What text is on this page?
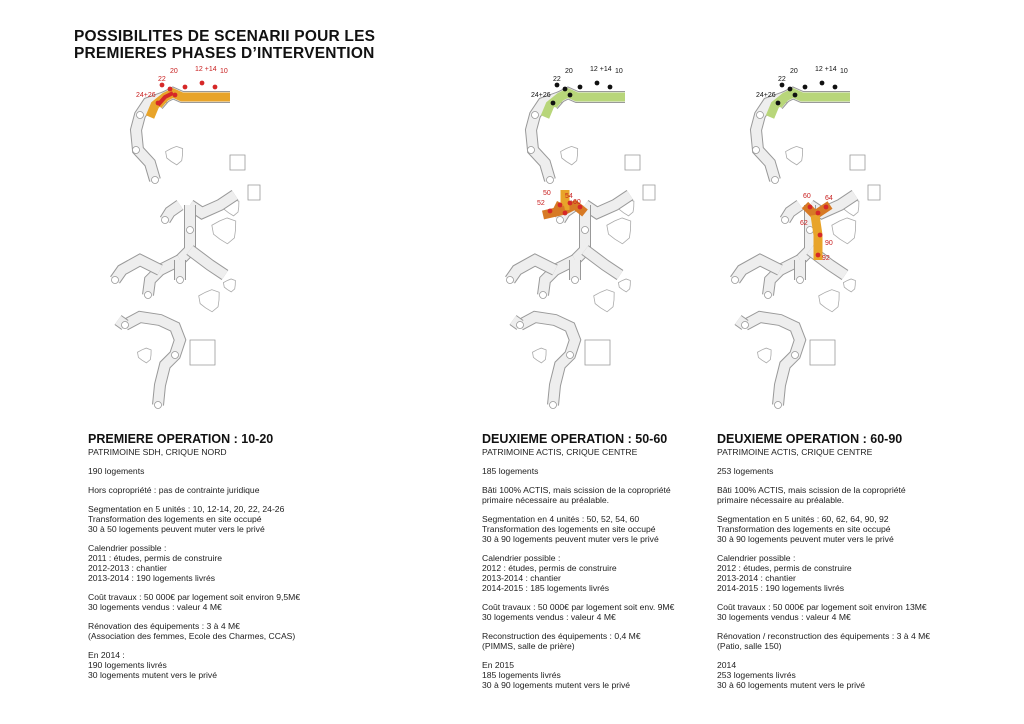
POSSIBILITES DE SCENARII POUR LES
PREMIERES PHASES D’INTERVENTION
24+26
22
20 12 +14 10
24+26
22
20 12 +14 10
50
52
54
60
24+26
22
20 12 +14 10
60 64
62
90
92
PREMIERE OPERATION : 10-20
PATRIMOINE SDH, CRIQUE NORD
190 logements
Hors copropriété : pas de contrainte juridique
Segmentation en 5 unités : 10, 12-14, 20, 22, 24-26
Transformation des logements en site occupé
30 à 50 logements peuvent muter vers le privé
Calendrier possible :
2011 : études, permis de construire
2012-2013 : chantier
2013-2014 : 190 logements livrés
Coût travaux : 50 000€ par logement soit environ 9,5M€
30 logements vendus : valeur 4 M€
Rénovation des équipements : 3 à 4 M€
(Association des femmes, Ecole des Charmes, CCAS)
En 2014 :
190 logements livrés
30 logements mutent vers le privé
DEUXIEME OPERATION : 50-60
PATRIMOINE ACTIS, CRIQUE CENTRE
185 logements
Bâti 100% ACTIS, mais scission de la copropriété
primaire nécessaire au préalable.
Segmentation en 4 unités : 50, 52, 54, 60
Transformation des logements en site occupé
30 à 90 logements peuvent muter vers le privé
Calendrier possible :
2012 : études, permis de construire
2013-2014 : chantier
2014-2015 : 185 logements livrés
Coût travaux : 50 000€ par logement soit env. 9M€
30 logements vendus : valeur 4 M€
Reconstruction des équipements : 0,4 M€
(PIMMS, salle de prière)
En 2015
185 logements livrés
30 à 90 logements mutent vers le privé
DEUXIEME OPERATION : 60-90
PATRIMOINE ACTIS, CRIQUE CENTRE
253 logements
Bâti 100% ACTIS, mais scission de la copropriété
primaire nécessaire au préalable.
Segmentation en 5 unités : 60, 62, 64, 90, 92
Transformation des logements en site occupé
30 à 90 logements peuvent muter vers le privé
Calendrier possible :
2012 : études, permis de construire
2013-2014 : chantier
2014-2015 : 190 logements livrés
Coût travaux : 50 000€ par logement soit environ 13M€
30 logements vendus : valeur 4 M€
Rénovation / reconstruction des équipements : 3 à 4 M€
(Patio, salle 150)
2014
253 logements livrés
30 à 60 logements mutent vers le privé
